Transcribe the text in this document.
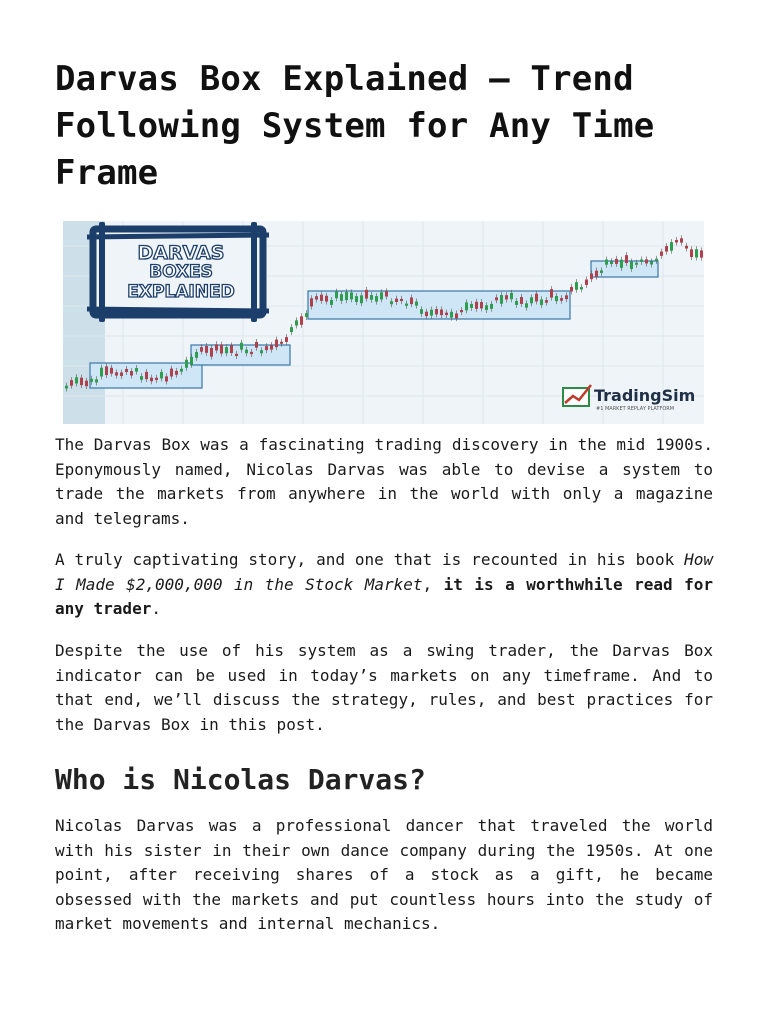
Darvas Box Explained – Trend Following System for Any Time Frame
DARVAS
BOXES
EXPLAINED
TradingSim
#1 MARKET REPLAY PLATFORM

The Darvas Box was a fascinating trading discovery in the mid 1900s. Eponymously named, Nicolas Darvas was able to devise a system to trade the markets from anywhere in the world with only a magazine and telegrams.

A truly captivating story, and one that is recounted in his book How I Made $2,000,000 in the Stock Market, it is a worthwhile read for any trader.

Despite the use of his system as a swing trader, the Darvas Box indicator can be used in today’s markets on any timeframe. And to that end, we’ll discuss the strategy, rules, and best practices for the Darvas Box in this post.

Who is Nicolas Darvas?

Nicolas Darvas was a professional dancer that traveled the world with his sister in their own dance company during the 1950s. At one point, after receiving shares of a stock as a gift, he became obsessed with the markets and put countless hours into the study of market movements and internal mechanics.
